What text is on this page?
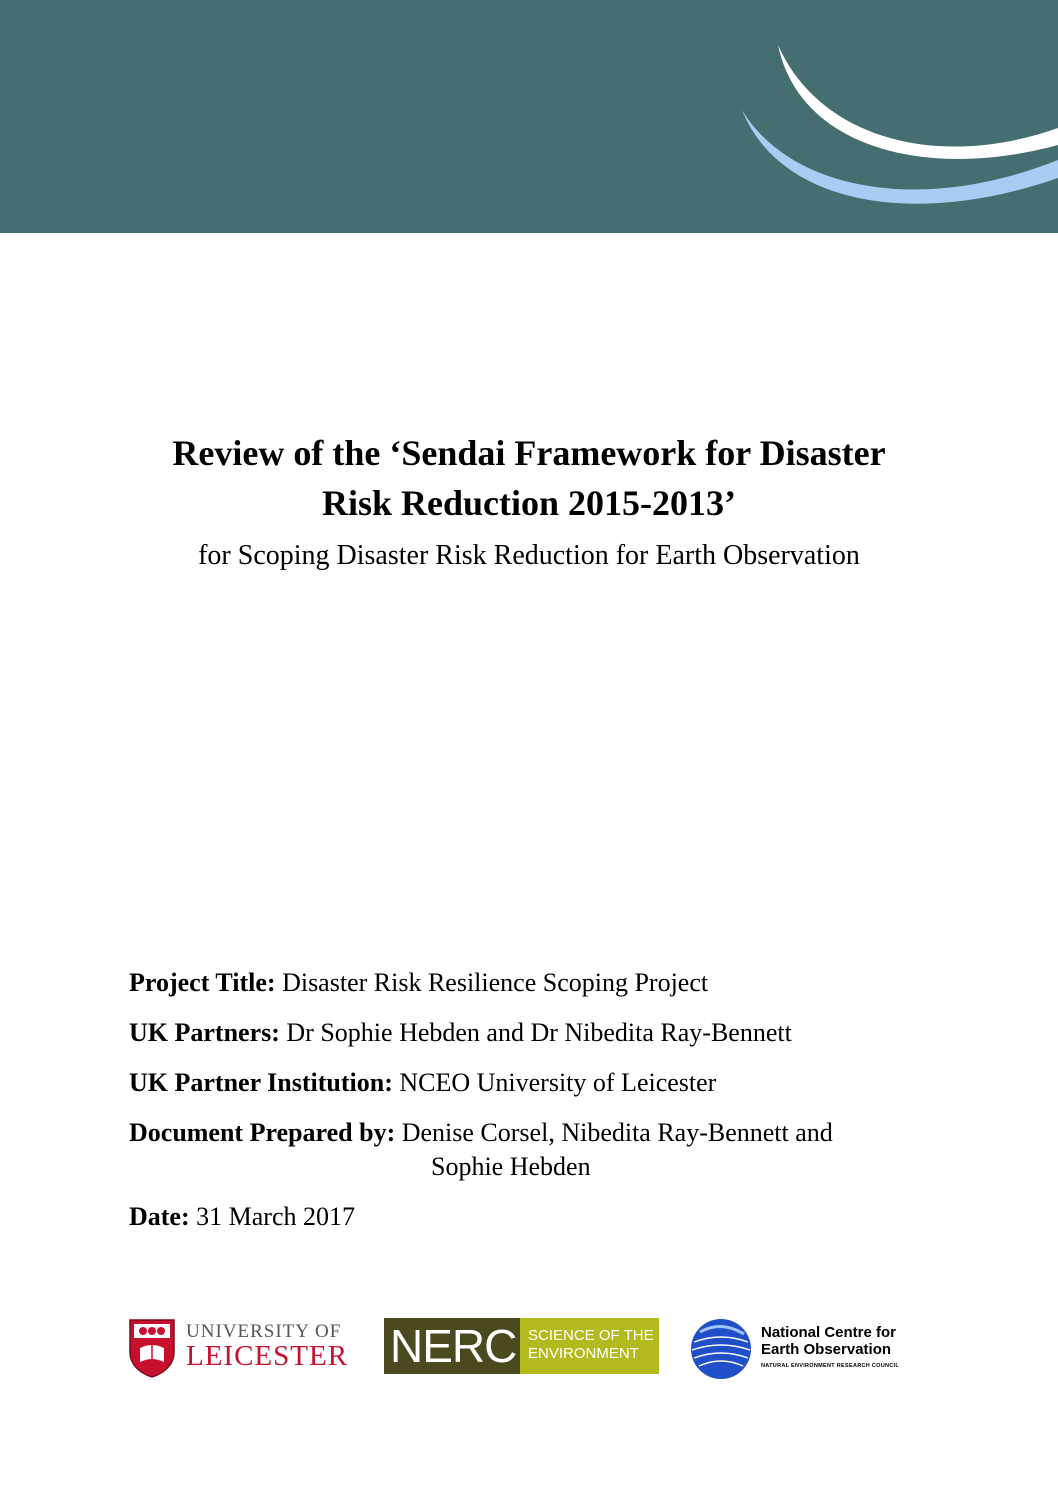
Review of the ‘Sendai Framework for Disaster
Risk Reduction 2015-2013’
for Scoping Disaster Risk Reduction for Earth Observation
Project Title: Disaster Risk Resilience Scoping Project
UK Partners: Dr Sophie Hebden and Dr Nibedita Ray-Bennett
UK Partner Institution: NCEO University of Leicester
Document Prepared by: Denise Corsel, Nibedita Ray-Bennett and
Sophie Hebden
Date: 31 March 2017
UNIVERSITY OF
LEICESTER NERC SCIENCE OF THE
ENVIRONMENT
National Centre for
Earth Observation
NATURAL ENVIRONMENT RESEARCH COUNCIL
